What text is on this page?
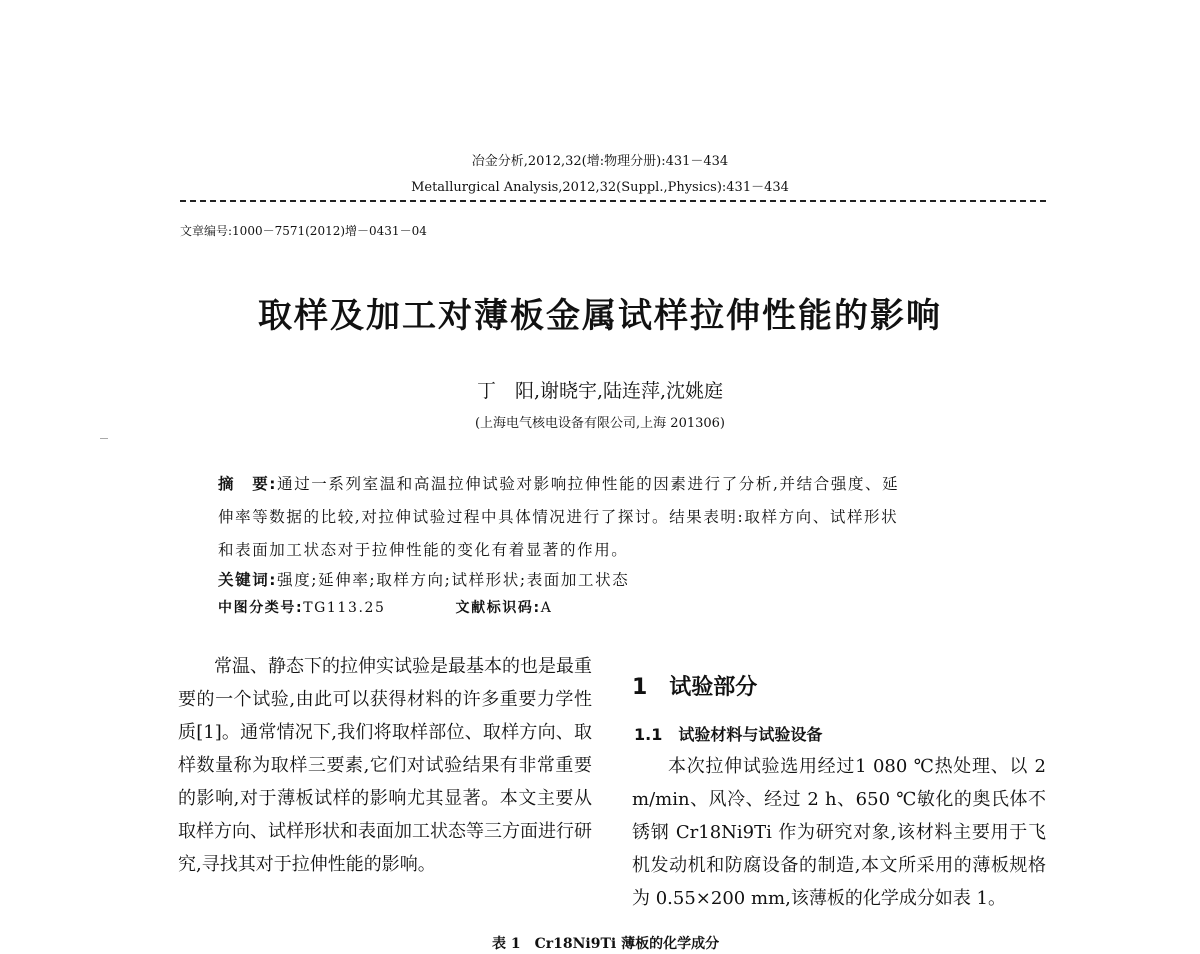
冶金分析,2012,32(增:物理分册):431－434
Metallurgical Analysis,2012,32(Suppl.,Physics):431－434
文章编号:1000－7571(2012)增－0431－04
取样及加工对薄板金属试样拉伸性能的影响
丁　阳,谢晓宇,陆连萍,沈姚庭
(上海电气核电设备有限公司,上海 201306)
摘　要:通过一系列室温和高温拉伸试验对影响拉伸性能的因素进行了分析,并结合强度、延
伸率等数据的比较,对拉伸试验过程中具体情况进行了探讨。结果表明:取样方向、试样形状
和表面加工状态对于拉伸性能的变化有着显著的作用。
关键词:强度;延伸率;取样方向;试样形状;表面加工状态
中图分类号:TG113.25	文献标识码:A

常温、静态下的拉伸实试验是最基本的也是最重要的一个试验,由此可以获得材料的许多重要力学性质[1]。通常情况下,我们将取样部位、取样方向、取样数量称为取样三要素,它们对试验结果有非常重要的影响,对于薄板试样的影响尤其显著。本文主要从取样方向、试样形状和表面加工状态等三方面进行研究,寻找其对于拉伸性能的影响。

1　试验部分
1.1　试验材料与试验设备

本次拉伸试验选用经过1 080 ℃热处理、以 2 m/min、风冷、经过 2 h、650 ℃敏化的奥氏体不锈钢 Cr18Ni9Ti 作为研究对象,该材料主要用于飞机发动机和防腐设备的制造,本文所采用的薄板规格为 0.55×200 mm,该薄板的化学成分如表 1。

表 1　Cr18Ni9Ti 薄板的化学成分
